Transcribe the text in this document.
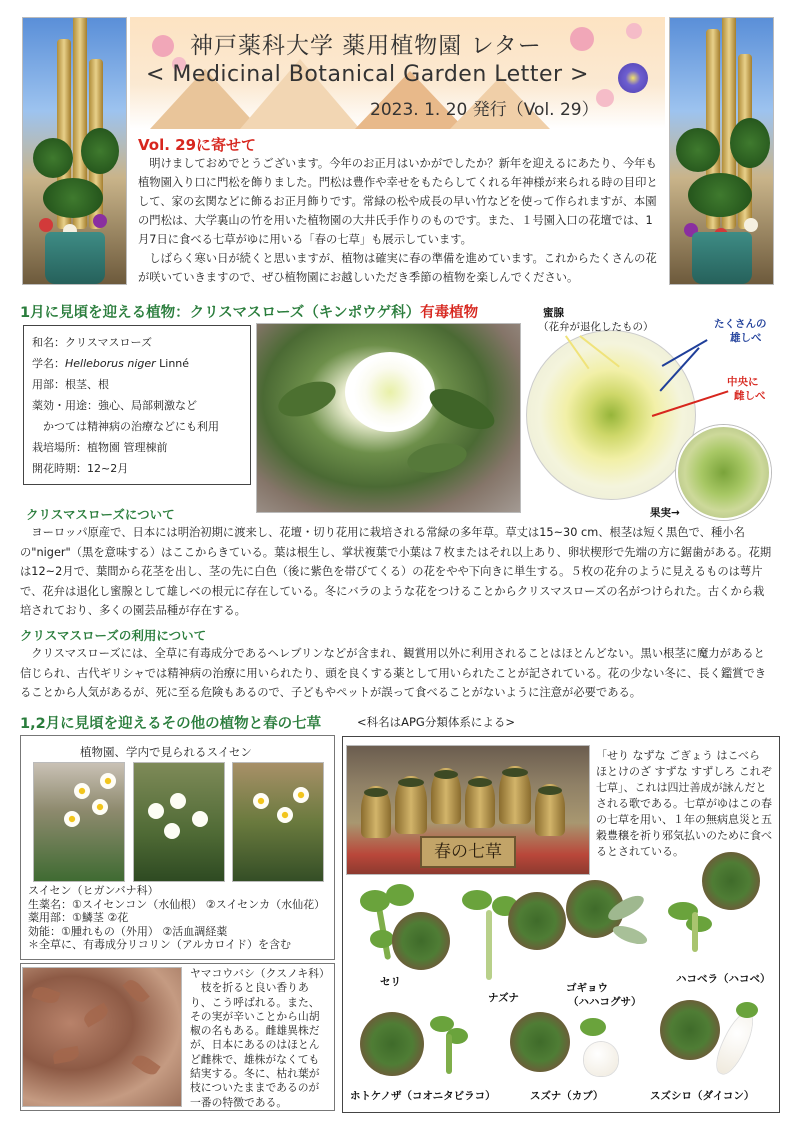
神戸薬科大学 薬用植物園 レター
< Medicinal Botanical Garden Letter >
2023. 1. 20 発行（Vol. 29）
Vol. 29に寄せて

明けましておめでとうございます。今年のお正月はいかがでしたか？新年を迎えるにあたり、今年も植物園入り口に門松を飾りました。門松は豊作や幸せをもたらしてくれる年神様が来られる時の目印として、家の玄関などに飾るお正月飾りです。常緑の松や成長の早い竹などを使って作られますが、本園の門松は、大学裏山の竹を用いた植物園の大井氏手作りのものです。また、１号園入口の花壇では、1月7日に食べる七草がゆに用いる「春の七草」も展示しています。

しばらく寒い日が続くと思いますが、植物は確実に春の準備を進めています。これからたくさんの花が咲いていきますので、ぜひ植物園にお越しいただき季節の植物を楽しんでください。

1月に見頃を迎える植物：クリスマスローズ（キンポウゲ科）有毒植物
和名：クリスマスローズ
学名：Helleborus niger Linné
用部：根茎、根
薬効・用途：強心、局部刺激など
かつては精神病の治療などにも利用
栽培場所：植物園 管理棟前
開花時期：12~2月
蜜腺
（花弁が退化したもの）	たくさんの
雄しべ
中央に
雌しべ
果実→
クリスマスローズについて

ヨーロッパ原産で、日本には明治初期に渡来し、花壇・切り花用に栽培される常緑の多年草。草丈は15~30 cm、根茎は短く黒色で、種小名の"niger"（黒を意味する）はここからきている。葉は根生し、掌状複葉で小葉は７枚またはそれ以上あり、卵状楔形で先端の方に鋸歯がある。花期は12~2月で、葉間から花茎を出し、茎の先に白色（後に紫色を帯びてくる）の花をやや下向きに単生する。５枚の花弁のように見えるものは萼片で、花弁は退化し蜜腺として雄しべの根元に存在している。冬にバラのような花をつけることからクリスマスローズの名がつけられた。古くから栽培されており、多くの園芸品種が存在する。

クリスマスローズの利用について

クリスマスローズには、全草に有毒成分であるヘレブリンなどが含まれ、観賞用以外に利用されることはほとんどない。黒い根茎に魔力があると信じられ、古代ギリシャでは精神病の治療に用いられたり、頭を良くする薬として用いられたことが記されている。花の少ない冬に、長く鑑賞できることから人気があるが、死に至る危険もあるので、子どもやペットが誤って食べることがないように注意が必要である。

1,2月に見頃を迎えるその他の植物と春の七草	<科名はAPG分類体系による>
植物園、学内で見られるスイセン
スイセン（ヒガンバナ科）
生薬名：①スイセンコン（水仙根） ②スイセンカ（水仙花）
薬用部：①鱗茎 ②花
効能：①腫れもの（外用） ②活血調経薬
＊全草に、有毒成分リコリン（アルカロイド）を含む
ヤマコウバシ（クスノキ科）

枝を折ると良い香りあり、こう呼ばれる。また、その実が辛いことから山胡椒の名もある。雌雄異株だが、日本にあるのはほとんど雌株で、雄株がなくても結実する。冬に、枯れ葉が枝についたままであるのが一番の特徴である。

春の七草
「せり なずな ごぎょう はこべら ほとけのざ すずな すずしろ これぞ七草」、これは四辻善成が詠んだとされる歌である。七草がゆはこの春の七草を用い、１年の無病息災と五穀豊穣を祈り邪気払いのために食べるとされている。
セリ
ナズナ
ゴギョウ
（ハハコグサ）
ハコベラ（ハコベ）
ホトケノザ（コオニタビラコ）	スズナ（カブ）	スズシロ（ダイコン）
